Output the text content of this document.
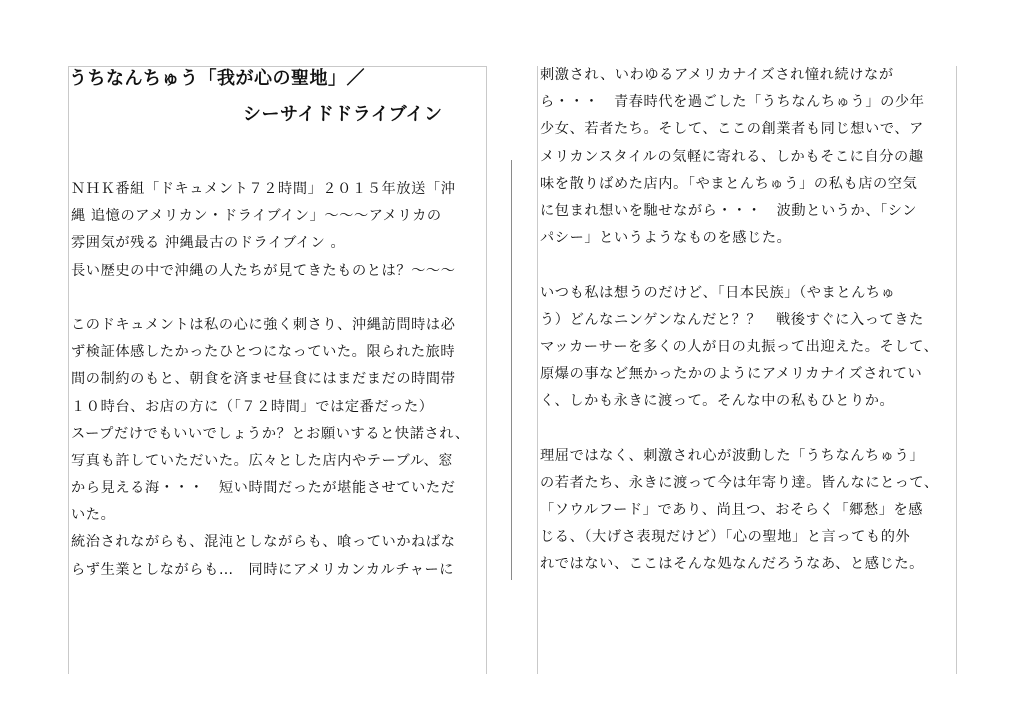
うちなんちゅう「我が心の聖地」／
シーサイドドライブイン
ＮＨＫ番組「ドキュメント７２時間」２０１５年放送「沖
縄 追憶のアメリカン・ドライブイン」〜〜〜アメリカの
雰囲気が残る 沖縄最古のドライブイン 。
長い歴史の中で沖縄の人たちが見てきたものとは？〜〜〜
このドキュメントは私の心に強く刺さり、沖縄訪問時は必
ず検証体感したかったひとつになっていた。限られた旅時
間の制約のもと、朝食を済ませ昼食にはまだまだの時間帯
１０時台、お店の方に（「７２時間」では定番だった）
スープだけでもいいでしょうか？とお願いすると快諾され、
写真も許していただいた。広々とした店内やテーブル、窓
から見える海・・・　短い時間だったが堪能させていただ
いた。
統治されながらも、混沌としながらも、喰っていかねばな
らず生業としながらも…　同時にアメリカンカルチャーに
刺激され、いわゆるアメリカナイズされ憧れ続けなが
ら・・・　青春時代を過ごした「うちなんちゅう」の少年
少女、若者たち。そして、ここの創業者も同じ想いで、ア
メリカンスタイルの気軽に寄れる、しかもそこに自分の趣
味を散りばめた店内。「やまとんちゅう」の私も店の空気
に包まれ想いを馳せながら・・・　波動というか、「シン
パシー」というようなものを感じた。
いつも私は想うのだけど、「日本民族」（やまとんちゅ
う）どんなニンゲンなんだと？？　戦後すぐに入ってきた
マッカーサーを多くの人が日の丸振って出迎えた。そして、
原爆の事など無かったかのようにアメリカナイズされてい
く、しかも永きに渡って。そんな中の私もひとりか。
理屈ではなく、刺激され心が波動した「うちなんちゅう」
の若者たち、永きに渡って今は年寄り達。皆んなにとって、
「ソウルフード」であり、尚且つ、おそらく「郷愁」を感
じる、（大げさ表現だけど）「心の聖地」と言っても的外
れではない、ここはそんな処なんだろうなあ、と感じた。
